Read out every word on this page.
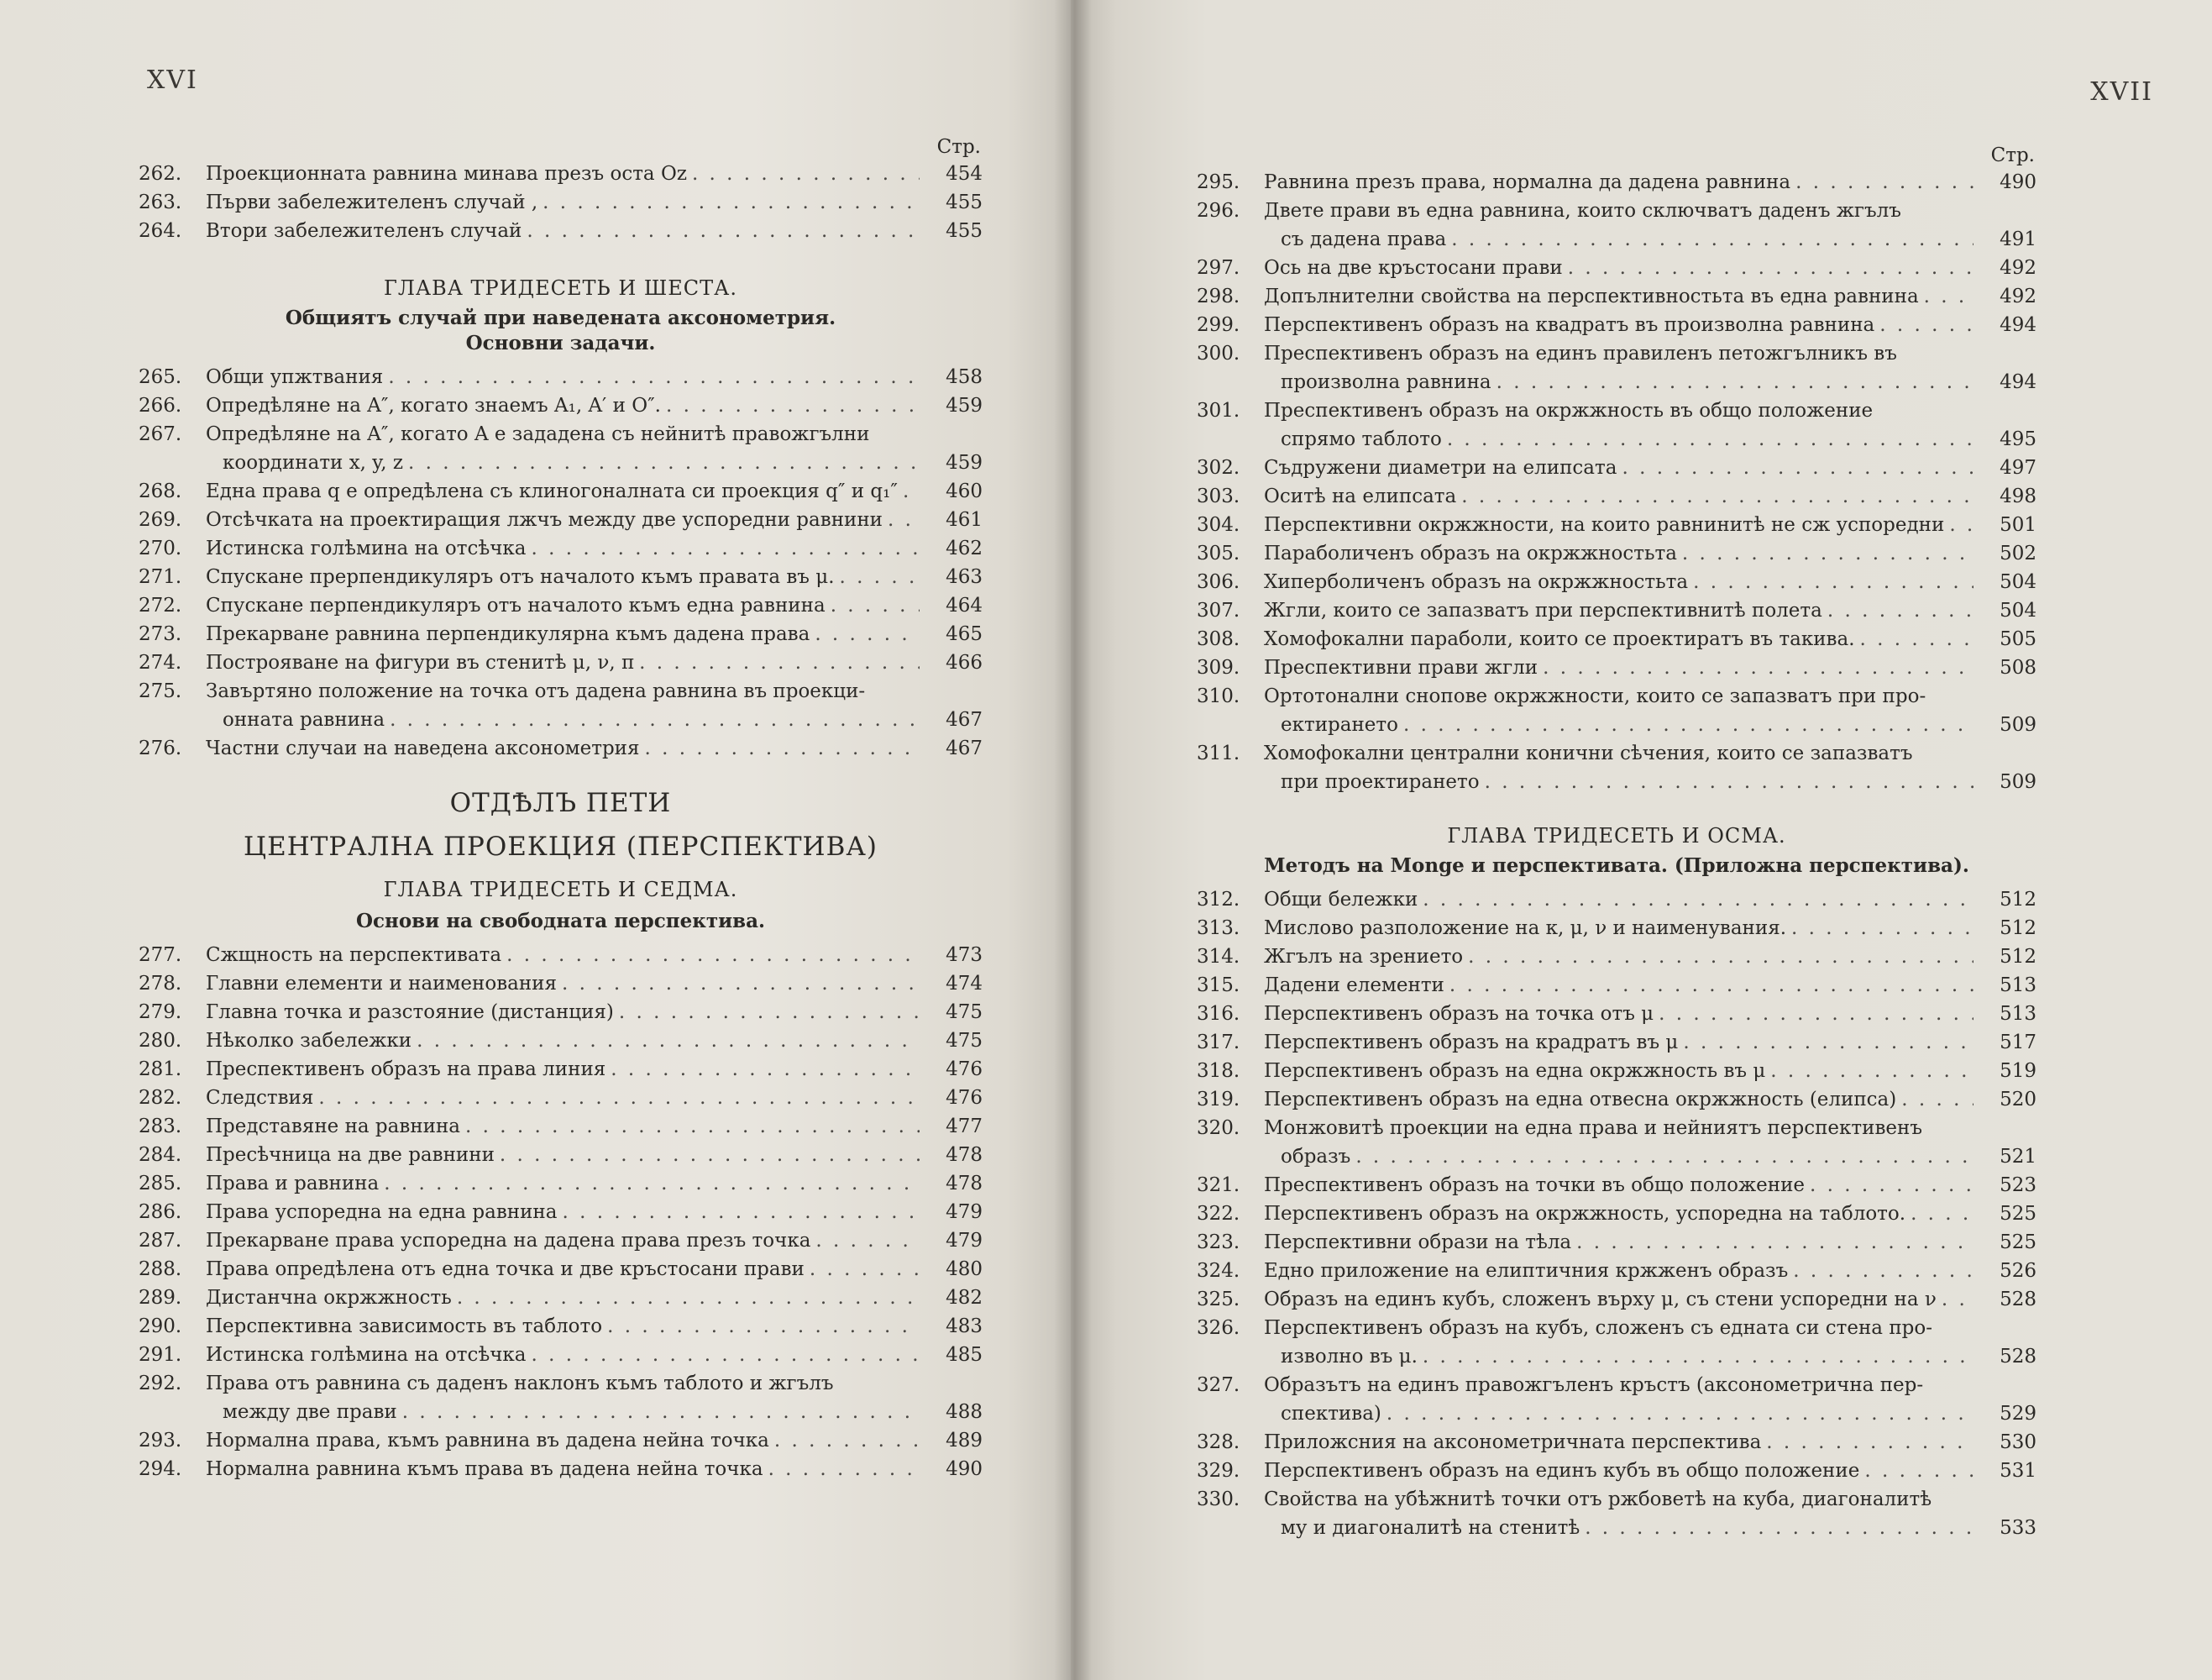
XVI
Стр.
262.	Проекционната равнина минава презъ оста Oz . . .	454
263.	Първи забележителенъ случай , . . .	455
264.	Втори забележителенъ случай . . .	455
ГЛАВА ТРИДЕСЕТЬ И ШЕСТА.
Общиятъ случай при наведената аксонометрия.
Основни задачи.
265.	Общи упжтвания . . .	458
266.	Опредѣляне на A″, когато знаемъ A₁, A′ и O″. . . .	459
267.	Опредѣляне на A″, когато A е зададена съ нейнитѣ правожгълни
координати x, y, z . . .	459
268.	Една права q е опредѣлена съ клиногоналната си проекция q″ и q₁″ . . .	460
269.	Отсѣчката на проектиращия лжчъ между две успоредни равнини . . .	461
270.	Истинска голѣмина на отсѣчка . . .	462
271.	Спускане прерпендикуляръ отъ началото къмъ правата въ μ. . . .	463
272.	Спускане перпендикуляръ отъ началото къмъ една равнина . . .	464
273.	Прекарване равнина перпендикулярна къмъ дадена права . . .	465
274.	Построяване на фигури въ стенитѣ μ, ν, π . . .	466
275.	Завъртяно положение на точка отъ дадена равнина въ проекци-
онната равнина . . .	467
276.	Частни случаи на наведена аксонометрия . . .	467
ОТДѢЛЪ ПЕТИ
ЦЕНТРАЛНА ПРОЕКЦИЯ (ПЕРСПЕКТИВА)
ГЛАВА ТРИДЕСЕТЬ И СЕДМА.
Основи на свободната перспектива.
277.	Сжщность на перспективата . . .	473
278.	Главни елементи и наименования . . .	474
279.	Главна точка и разстояние (дистанция) . . .	475
280.	Нѣколко забележки . . .	475
281.	Преспективенъ образъ на права линия . . .	476
282.	Следствия . . .	476
283.	Представяне на равнина . . .	477
284.	Пресѣчница на две равнини . . .	478
285.	Права и равнина . . .	478
286.	Права успоредна на една равнина . . .	479
287.	Прекарване права успоредна на дадена права презъ точка . . .	479
288.	Права опредѣлена отъ една точка и две кръстосани прави . . .	480
289.	Дистанчна окржжность . . .	482
290.	Перспективна зависимость въ таблото . . .	483
291.	Истинска голѣмина на отсѣчка . . .	485
292.	Права отъ равнина съ даденъ наклонъ къмъ таблото и жгълъ
между две прави . . .	488
293.	Нормална права, къмъ равнина въ дадена нейна точка . . .	489
294.	Нормална равнина къмъ права въ дадена нейна точка . . .	490
XVII
Стр.
295.	Равнина презъ права, нормална да дадена равнина . . .	490
296.	Двете прави въ една равнина, които сключватъ даденъ жгълъ
съ дадена права . . .	491
297.	Ось на две кръстосани прави . . .	492
298.	Допълнителни свойства на перспективностьта въ една равнина . . .	492
299.	Перспективенъ образъ на квадратъ въ произволна равнина . . .	494
300.	Преспективенъ образъ на единъ правиленъ петожгълникъ въ
произволна равнина . . .	494
301.	Преспективенъ образъ на окржжность въ общо положение
спрямо таблото . . .	495
302.	Съдружени диаметри на елипсата . . .	497
303.	Оситѣ на елипсата . . .	498
304.	Перспективни окржжности, на които равнинитѣ не сж успоредни . . .	501
305.	Параболиченъ образъ на окржжностьта . . .	502
306.	Хиперболиченъ образъ на окржжностьта . . .	504
307.	Жгли, които се запазватъ при перспективнитѣ полета . . .	504
308.	Хомофокални параболи, които се проектиратъ въ такива. . . .	505
309.	Преспективни прави жгли . . .	508
310.	Ортотонални снопове окржжности, които се запазватъ при про-
ектирането . . .	509
311.	Хомофокални централни конични сѣчения, които се запазватъ
при проектирането . . .	509
ГЛАВА ТРИДЕСЕТЬ И ОСМА.
Методъ на Monge и перспективата. (Приложна перспектива).
312.	Общи бележки . . .	512
313.	Мислово разположение на κ, μ, ν и наименувания. . . .	512
314.	Жгълъ на зрението . . .	512
315.	Дадени елементи . . .	513
316.	Перспективенъ образъ на точка отъ μ . . .	513
317.	Перспективенъ образъ на крадратъ въ μ . . .	517
318.	Перспективенъ образъ на една окржжность въ μ . . .	519
319.	Перспективенъ образъ на една отвесна окржжность (елипса) . . .	520
320.	Монжовитѣ проекции на една права и нейниятъ перспективенъ
образъ . . .	521
321.	Преспективенъ образъ на точки въ общо положение . . .	523
322.	Перспективенъ образъ на окржжность, успоредна на таблото. . . .	525
323.	Перспективни образи на тѣла . . .	525
324.	Едно приложение на елиптичния кржженъ образъ . . .	526
325.	Образъ на единъ кубъ, сложенъ върху μ, съ стени успоредни на ν . . .	528
326.	Перспективенъ образъ на кубъ, сложенъ съ едната си стена про-
изволно въ μ. . . .	528
327.	Образътъ на единъ правожгъленъ кръстъ (аксонометрична пер-
спектива) . . .	529
328.	Приложсния на аксонометричната перспектива . . .	530
329.	Перспективенъ образъ на единъ кубъ въ общо положение . . .	531
330.	Свойства на убѣжнитѣ точки отъ ржбоветѣ на куба, диагоналитѣ
му и диагоналитѣ на стенитѣ . . .	533
